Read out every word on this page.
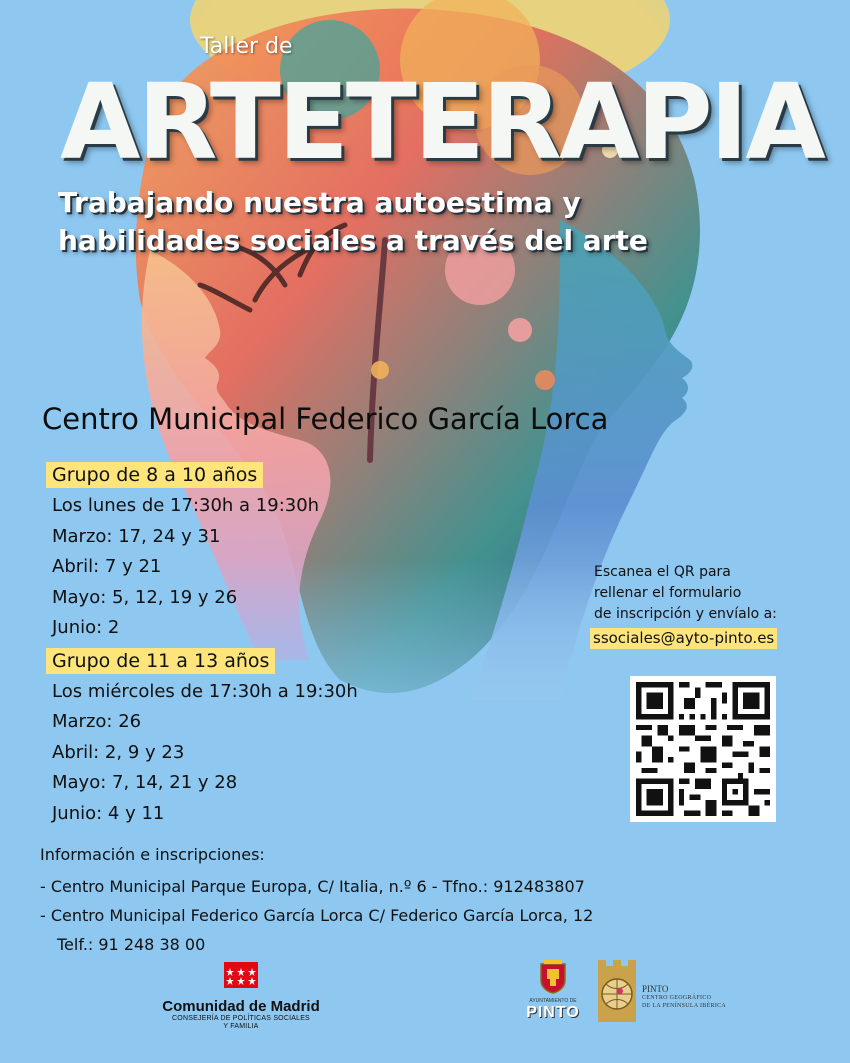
Taller de
ARTETERAPIA
Trabajando nuestra autoestima y
habilidades sociales a través del arte
Centro Municipal Federico García Lorca
Grupo de 8 a 10 años
Los lunes de 17:30h a 19:30h
Marzo: 17, 24 y 31
Abril: 7 y 21
Mayo: 5, 12, 19 y 26
Junio: 2
Grupo de 11 a 13 años
Los miércoles de 17:30h a 19:30h
Marzo: 26
Abril: 2, 9 y 23
Mayo: 7, 14, 21 y 28
Junio: 4 y 11
Escanea el QR para
rellenar el formulario
de inscripción y envíalo a:
ssociales@ayto-pinto.es
Información e inscripciones:
- Centro Municipal Parque Europa, C/ Italia, n.º 6 - Tfno.: 912483807
- Centro Municipal Federico García Lorca C/ Federico García Lorca, 12
Telf.: 91 248 38 00
Comunidad de Madrid
CONSEJERÍA DE POLÍTICAS SOCIALES
Y FAMILIA
AYUNTAMIENTO DE
PINTO
PINTO
CENTRO GEOGRÁFICO
DE LA PENÍNSULA IBÉRICA
